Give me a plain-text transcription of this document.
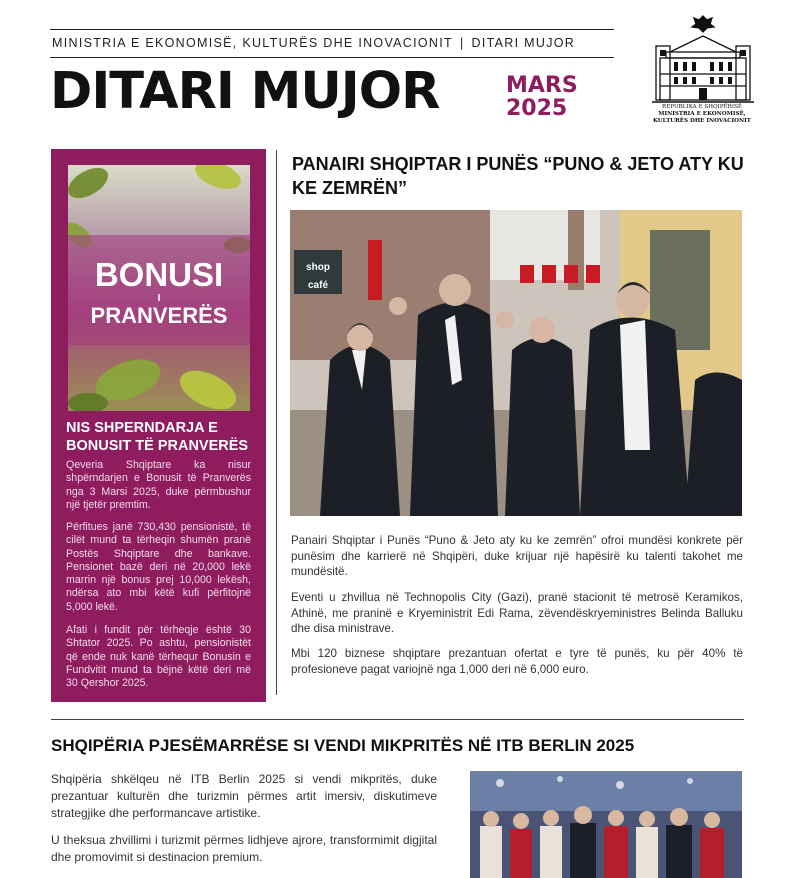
MINISTRIA E EKONOMISË, KULTURËS DHE INOVACIONIT | DITARI MUJOR
DITARI MUJOR	MARS
2025	REPUBLIKA E SHQIPËRISË
MINISTRIA E EKONOMISË,
KULTURËS DHE INOVACIONIT
BONUSI
I
PRANVERËS
NIS SHPERNDARJA E BONUSIT TË PRANVERËS
Qeveria Shqiptare ka nisur shpërndarjen e Bonusit të Pranverës nga 3 Marsi 2025, duke përmbushur një tjetër premtim.
Përfitues janë 730,430 pensionistë, të cilët mund ta tërheqin shumën pranë Postës Shqiptare dhe bankave. Pensionet bazë deri në 20,000 lekë marrin një bonus prej 10,000 lekësh, ndërsa ato mbi këtë kufi përfitojnë 5,000 lekë.
Afati i fundit për tërheqje është 30 Shtator 2025. Po ashtu, pensionistët që ende nuk kanë tërhequr Bonusin e Fundvitit mund ta bëjnë këtë deri më 30 Qershor 2025.
PANAIRI SHQIPTAR I PUNËS “PUNO & JETO ATY KU KE ZEMRËN”
shop
café
Panairi Shqiptar i Punës “Puno & Jeto aty ku ke zemrën” ofroi mundësi konkrete për punësim dhe karrierë në Shqipëri, duke krijuar një hapësirë ku talenti takohet me mundësitë.
Eventi u zhvillua në Technopolis City (Gazi), pranë stacionit të metrosë Keramikos, Athinë, me praninë e Kryeministrit Edi Rama, zëvendëskryeministres Belinda Balluku dhe disa ministrave.
Mbi 120 biznese shqiptare prezantuan ofertat e tyre të punës, ku për 40% të profesioneve pagat variojnë nga 1,000 deri në 6,000 euro.
SHQIPËRIA PJESËMARRËSE SI VENDI MIKPRITËS NË ITB BERLIN 2025
Shqipëria shkëlqeu në ITB Berlin 2025 si vendi mikpritës, duke prezantuar kulturën dhe turizmin përmes artit imersiv, diskutimeve strategjike dhe performancave artistike.
U theksua zhvillimi i turizmit përmes lidhjeve ajrore, transformimit digjital dhe promovimit si destinacion premium.
